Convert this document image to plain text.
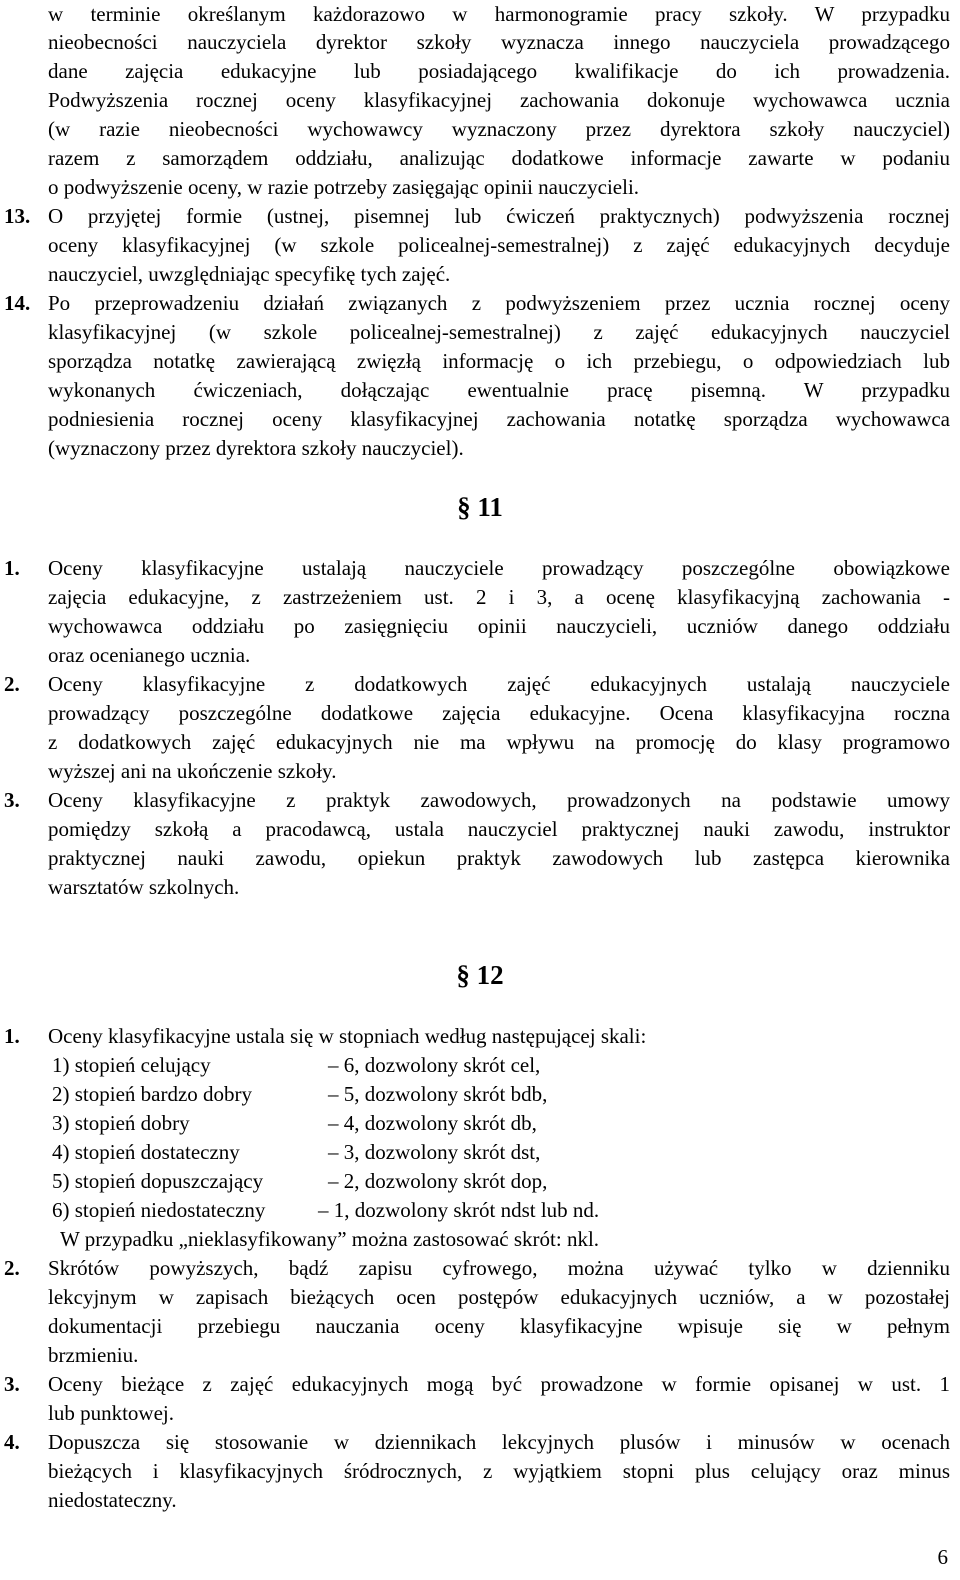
w terminie określanym każdorazowo w harmonogramie pracy szkoły. W przypadku
nieobecności nauczyciela dyrektor szkoły wyznacza innego nauczyciela prowadzącego
dane zajęcia edukacyjne lub posiadającego kwalifikacje do ich prowadzenia.
Podwyższenia rocznej oceny klasyfikacyjnej zachowania dokonuje wychowawca ucznia
(w razie nieobecności wychowawcy wyznaczony przez dyrektora szkoły nauczyciel)
razem z samorządem oddziału, analizując dodatkowe informacje zawarte w podaniu
o podwyższenie oceny, w razie potrzeby zasięgając opinii nauczycieli.
13. O przyjętej formie (ustnej, pisemnej lub ćwiczeń praktycznych) podwyższenia rocznej
oceny klasyfikacyjnej (w szkole policealnej-semestralnej) z zajęć edukacyjnych decyduje
nauczyciel, uwzględniając specyfikę tych zajęć.
14. Po przeprowadzeniu działań związanych z podwyższeniem przez ucznia rocznej oceny
klasyfikacyjnej (w szkole policealnej-semestralnej) z zajęć edukacyjnych nauczyciel
sporządza notatkę zawierającą zwięzłą informację o ich przebiegu, o odpowiedziach lub
wykonanych ćwiczeniach, dołączając ewentualnie pracę pisemną. W przypadku
podniesienia rocznej oceny klasyfikacyjnej zachowania notatkę sporządza wychowawca
(wyznaczony przez dyrektora szkoły nauczyciel).
§ 11
1. Oceny klasyfikacyjne ustalają nauczyciele prowadzący poszczególne obowiązkowe
zajęcia edukacyjne, z zastrzeżeniem ust. 2 i 3, a ocenę klasyfikacyjną zachowania -
wychowawca oddziału po zasięgnięciu opinii nauczycieli, uczniów danego oddziału
oraz ocenianego ucznia.
2. Oceny klasyfikacyjne z dodatkowych zajęć edukacyjnych ustalają nauczyciele
prowadzący poszczególne dodatkowe zajęcia edukacyjne. Ocena klasyfikacyjna roczna
z dodatkowych zajęć edukacyjnych nie ma wpływu na promocję do klasy programowo
wyższej ani na ukończenie szkoły.
3. Oceny klasyfikacyjne z praktyk zawodowych, prowadzonych na podstawie umowy
pomiędzy szkołą a pracodawcą, ustala nauczyciel praktycznej nauki zawodu, instruktor
praktycznej nauki zawodu, opiekun praktyk zawodowych lub zastępca kierownika
warsztatów szkolnych.
§ 12
1. Oceny klasyfikacyjne ustala się w stopniach według następującej skali:
1) stopień celujący	– 6, dozwolony skrót cel,
2) stopień bardzo dobry	– 5, dozwolony skrót bdb,
3) stopień dobry	– 4, dozwolony skrót db,
4) stopień dostateczny	– 3, dozwolony skrót dst,
5) stopień dopuszczający	– 2, dozwolony skrót dop,
6) stopień niedostateczny	– 1, dozwolony skrót ndst lub nd.
W przypadku „nieklasyfikowany” można zastosować skrót: nkl.
2. Skrótów powyższych, bądź zapisu cyfrowego, można używać tylko w dzienniku
lekcyjnym w zapisach bieżących ocen postępów edukacyjnych uczniów, a w pozostałej
dokumentacji przebiegu nauczania oceny klasyfikacyjne wpisuje się w pełnym
brzmieniu.
3. Oceny bieżące z zajęć edukacyjnych mogą być prowadzone w formie opisanej w ust. 1
lub punktowej.
4. Dopuszcza się stosowanie w dziennikach lekcyjnych plusów i minusów w ocenach
bieżących i klasyfikacyjnych śródrocznych, z wyjątkiem stopni plus celujący oraz minus
niedostateczny.
6
